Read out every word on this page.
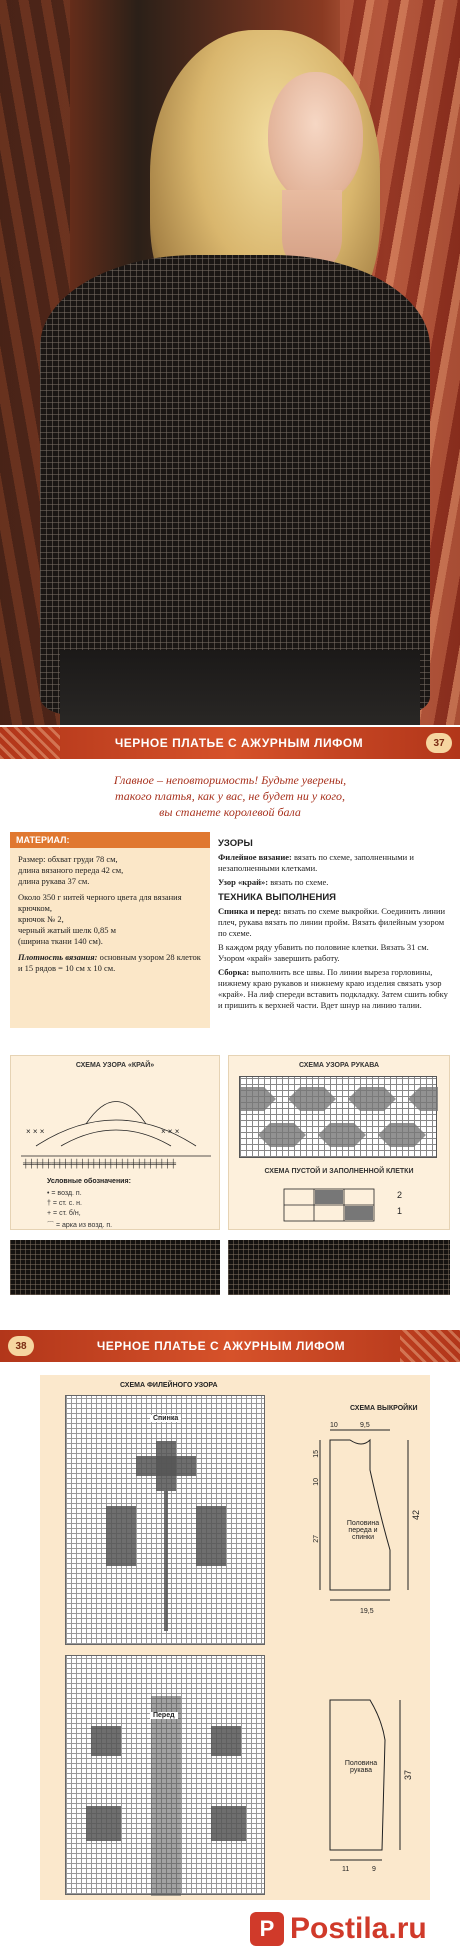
ЧЕРНОЕ ПЛАТЬЕ С АЖУРНЫМ ЛИФОМ	37
Главное – неповторимость! Будьте уверены,
такого платья, как у вас, не будет ни у кого,
вы станете королевой бала
МАТЕРИАЛ:

Размер: обхват груди 78 см,
длина вязаного переда 42 см,
длина рукава 37 см.

Около 350 г нитей черного цвета для вязания крючком,
крючок № 2,
черный жатый шелк 0,85 м
(ширина ткани 140 см).

Плотность вязания: основным узором 28 клеток и 15 рядов = 10 см х 10 см.

УЗОРЫ

Филейное вязание: вязать по схеме, заполненными и незаполненными клетками.

Узор «край»: вязать по схеме.

ТЕХНИКА ВЫПОЛНЕНИЯ

Спинка и перед: вязать по схеме выкройки. Соединить линии плеч, рукава вязать по линии пройм. Вязать филейным узором по схеме.

В каждом ряду убавить по половине клетки. Вязать 31 см. Узором «край» завершить работу.

Сборка: выполнить все швы. По линии выреза горловины, нижнему краю рукавов и нижнему краю изделия связать узор «край». На лиф спереди вставить подкладку. Затем сшить юбку и пришить к верхней части. Вдет шнур на линию талии.

СХЕМА УЗОРА «КРАЙ»
× × ×	× × ×
╪╪╪╪╪╪╪╪╪╪╪╪╪╪╪╪╪╪╪╪╪╪╪╪╪╪╪
Условные обозначения:
• = возд. п.
† = ст. с. н.
+ = ст. б/н,
⌒ = арка из возд. п.
СХЕМА УЗОРА РУКАВА
СХЕМА ПУСТОЙ И ЗАПОЛНЕННОЙ КЛЕТКИ
2
1
38	ЧЕРНОЕ ПЛАТЬЕ С АЖУРНЫМ ЛИФОМ
СХЕМА ФИЛЕЙНОГО УЗОРА
Спинка
Перед
СХЕМА ВЫКРОЙКИ
10	9,5
15
10
27
42
19,5
Половина переда и спинки
37
11	9
Половина рукава
P Postila.ru
